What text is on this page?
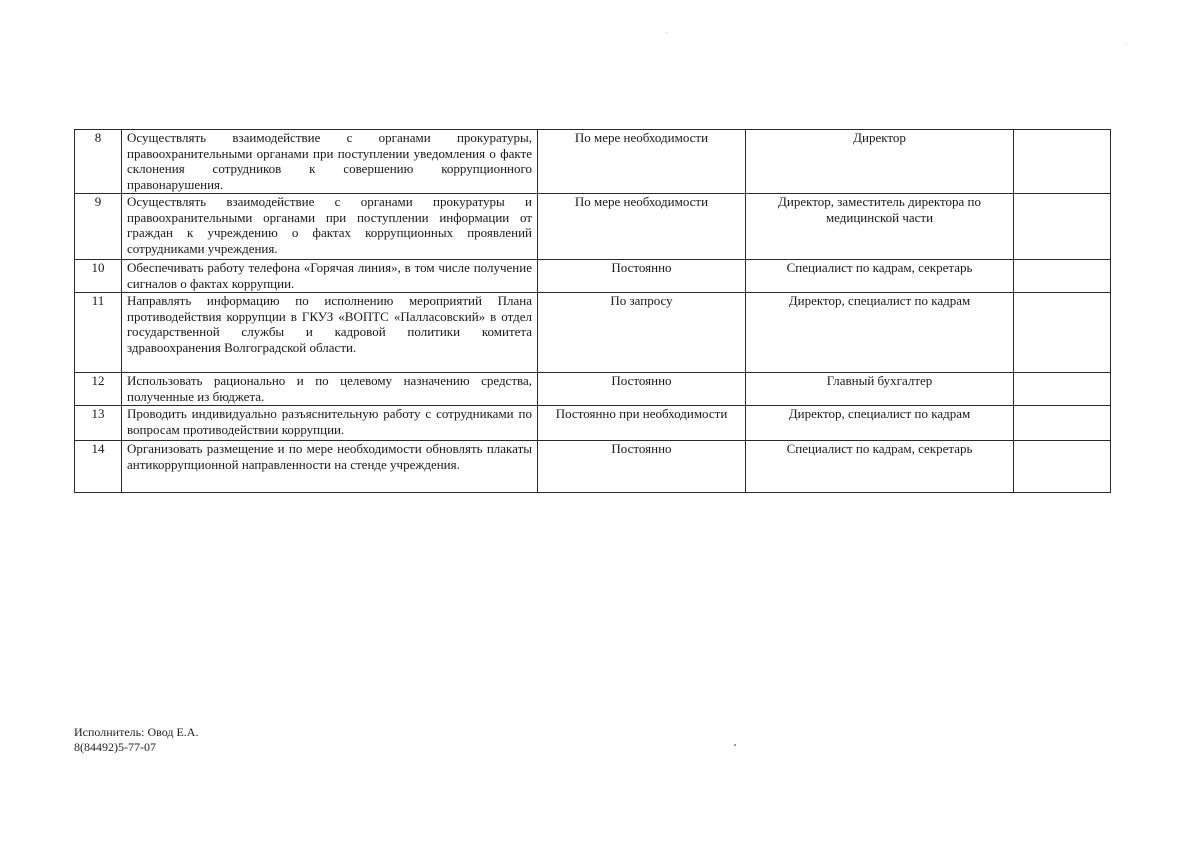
8	Осуществлять взаимодействие с органами прокуратуры, правоохранительными органами при поступлении уведомления о факте склонения сотрудников к совершению коррупционного правонарушения.	По мере необходимости	Директор	
9	Осуществлять взаимодействие с органами прокуратуры и правоохранительными органами при поступлении информации от граждан к учреждению о фактах коррупционных проявлений сотрудниками учреждения.	По мере необходимости	Директор, заместитель директора по медицинской части	
10	Обеспечивать работу телефона «Горячая линия», в том числе получение сигналов о фактах коррупции.	Постоянно	Специалист по кадрам, секретарь	
11	Направлять информацию по исполнению мероприятий Плана противодействия коррупции в ГКУЗ «ВОПТС «Палласовский» в отдел государственной службы и кадровой политики комитета здравоохранения Волгоградской области.	По запросу	Директор, специалист по кадрам	
12	Использовать рационально и по целевому назначению средства, полученные из бюджета.	Постоянно	Главный бухгалтер	
13	Проводить индивидуально разъяснительную работу с сотрудниками по вопросам противодействии коррупции.	Постоянно при необходимости	Директор, специалист по кадрам	
14	Организовать размещение и по мере необходимости обновлять плакаты антикоррупционной направленности на стенде учреждения.	Постоянно	Специалист по кадрам, секретарь	
Исполнитель: Овод Е.А.
8(84492)5-77-07
